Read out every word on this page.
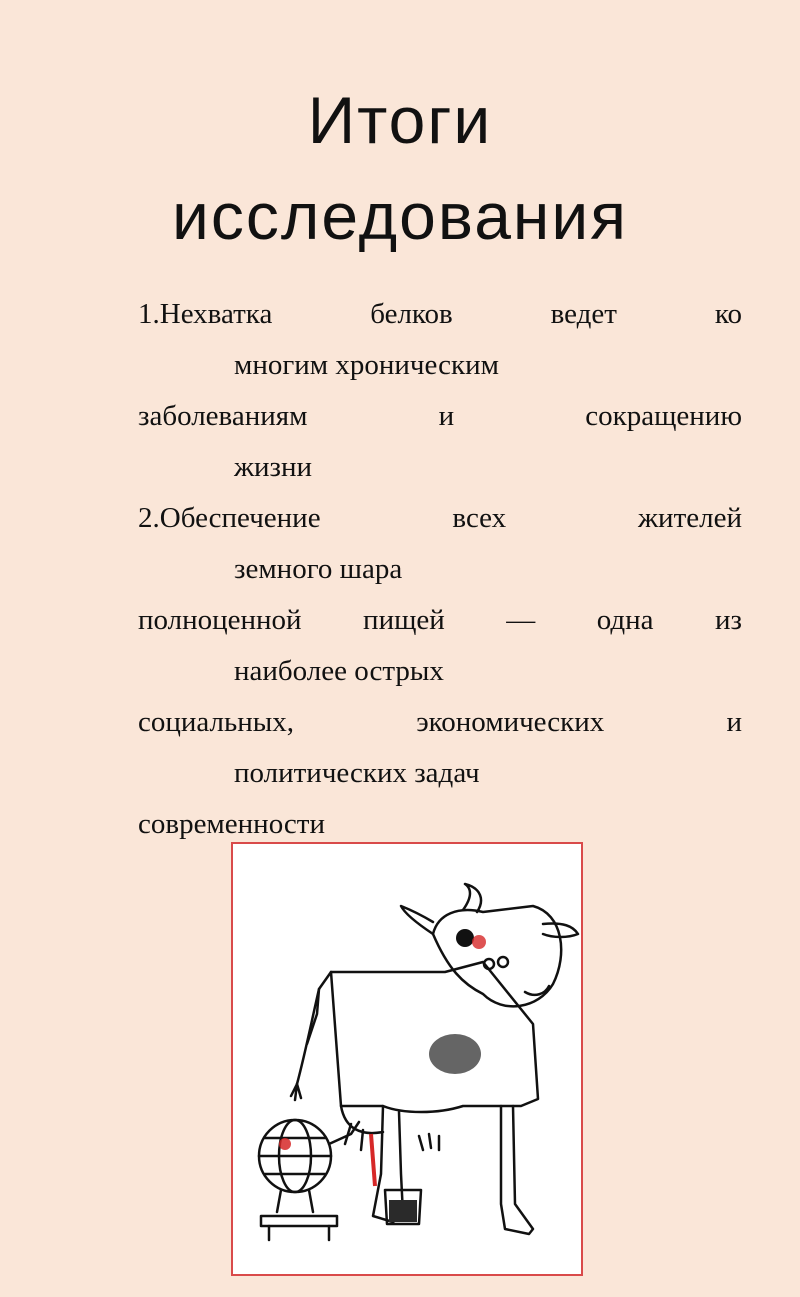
Итоги
исследования
1.Нехватка белков ведет ко
многим хроническим
заболеваниям и сокращению
жизни
2.Обеспечение всех жителей
земного шара
полноценной пищей — одна из
наиболее острых
социальных, экономических и
политических задач
современности
